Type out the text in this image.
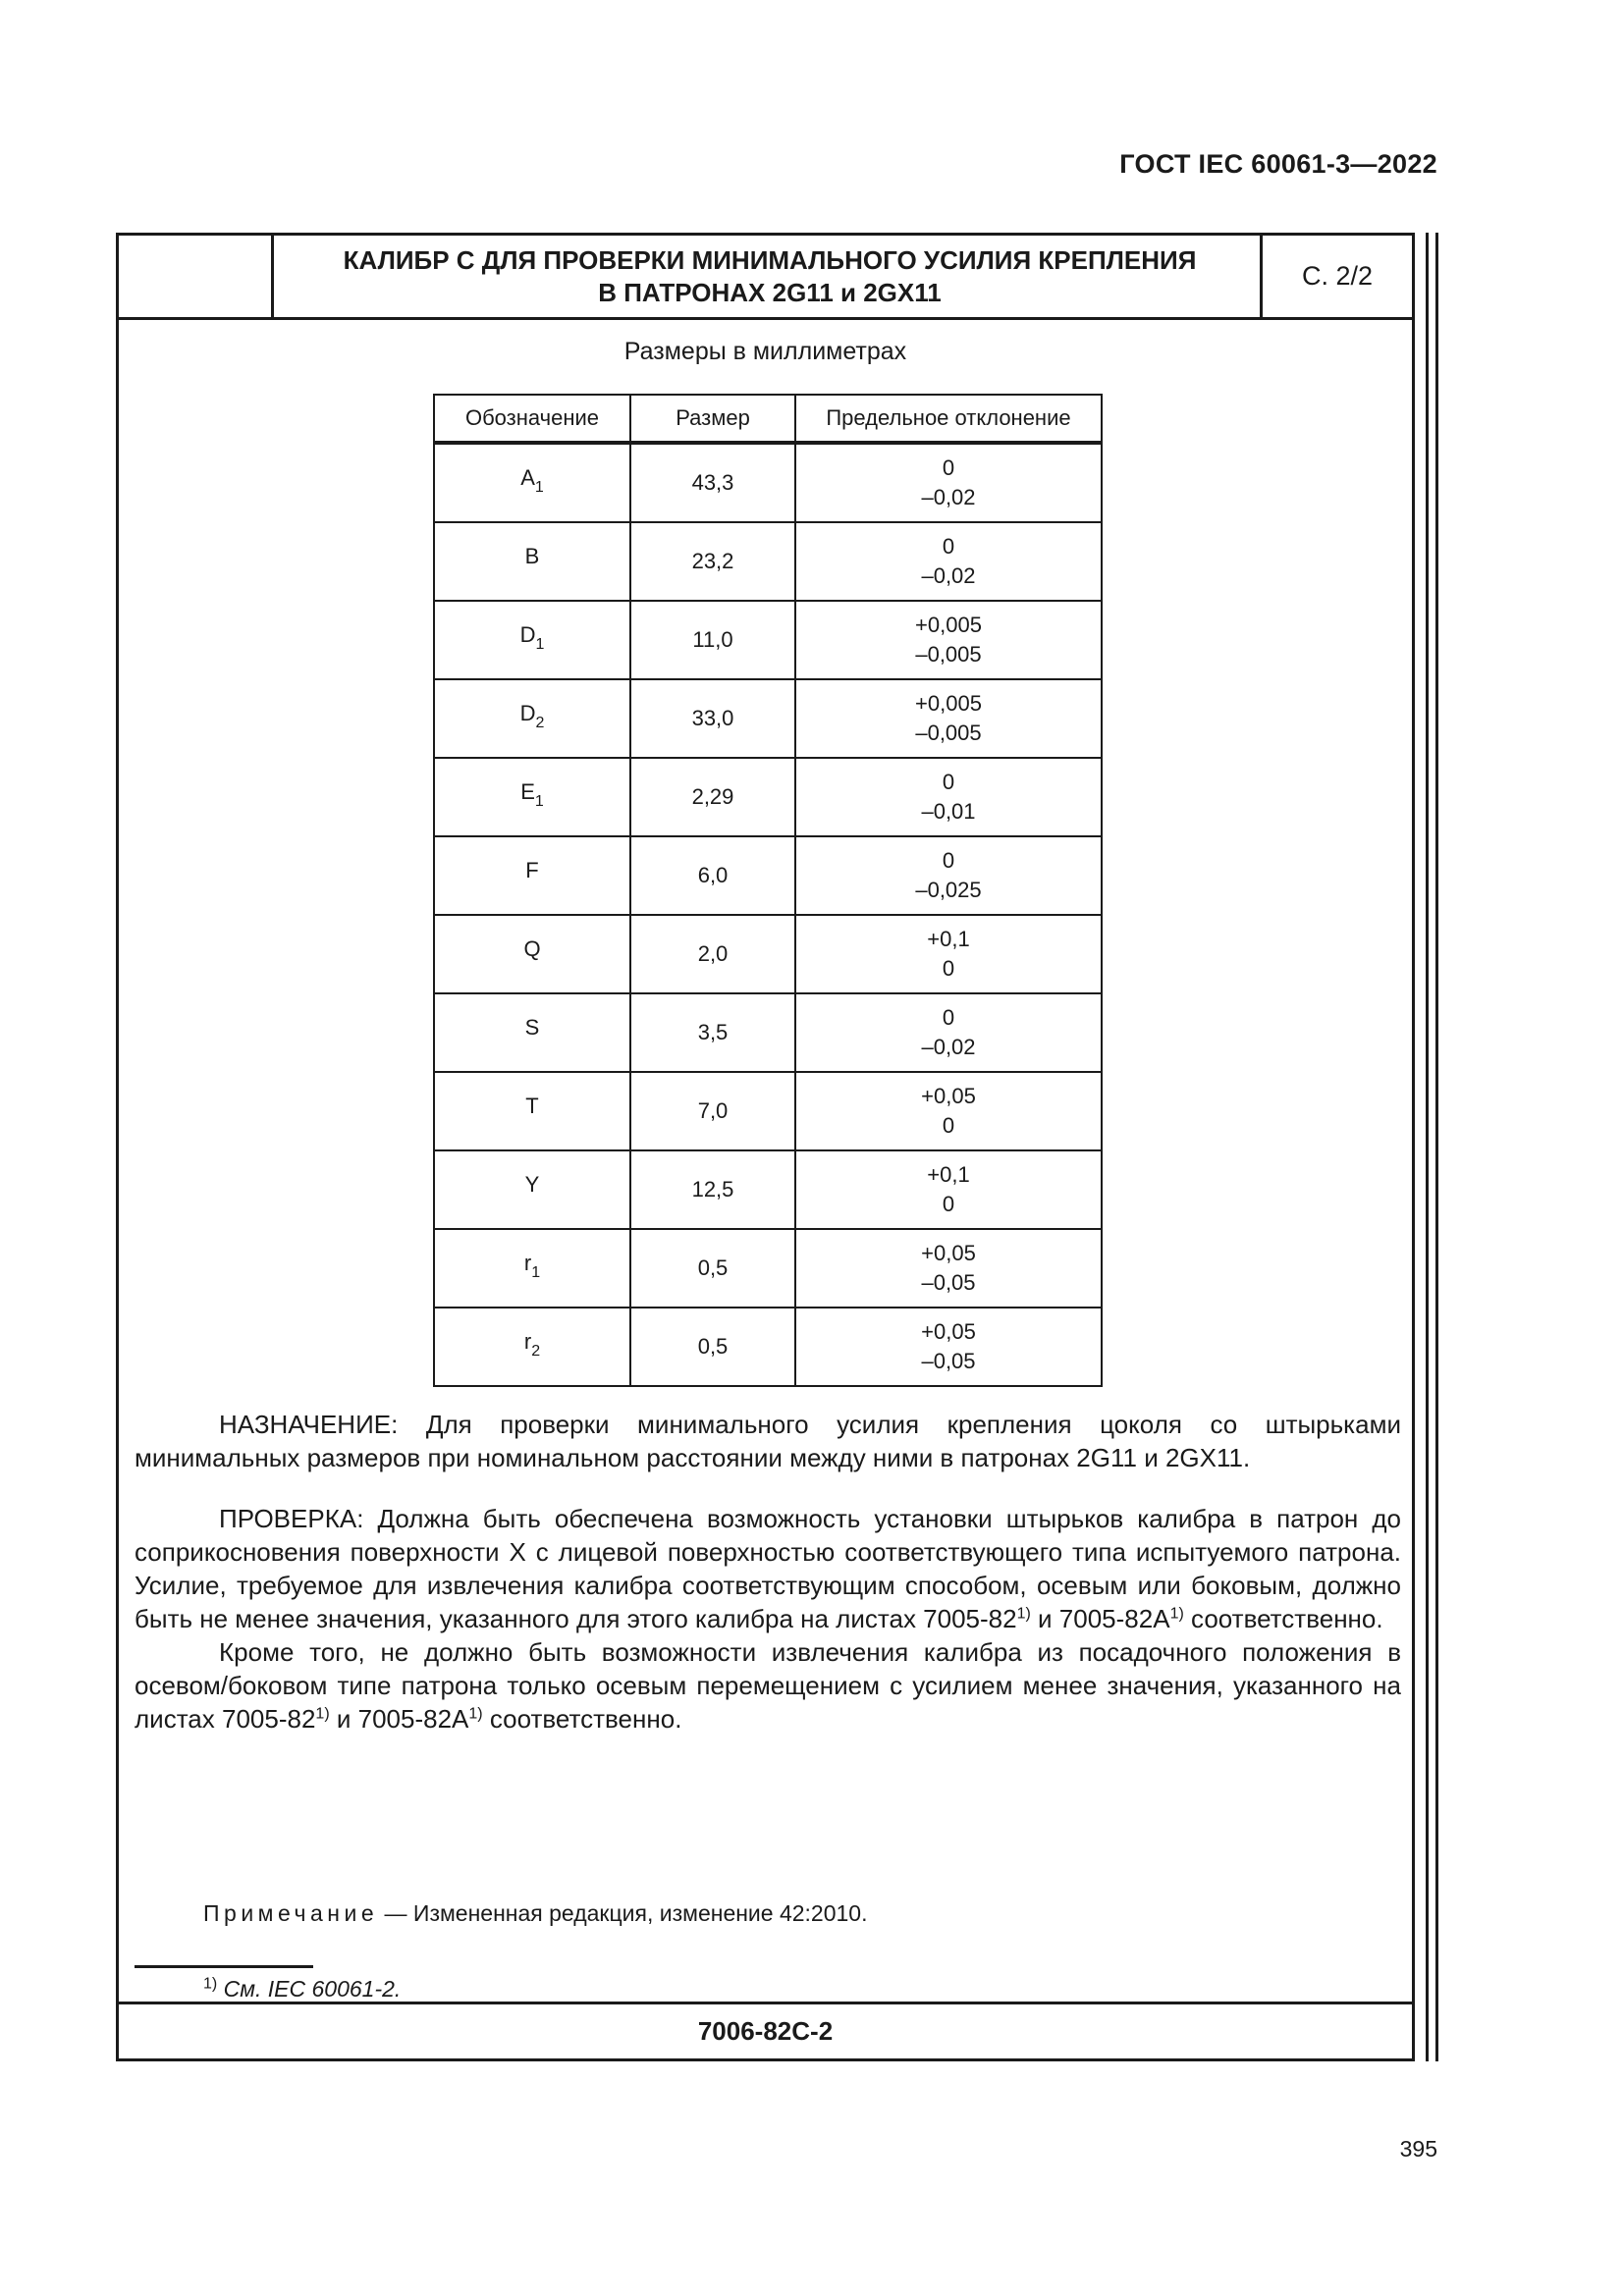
ГОСТ IEC 60061-3—2022
КАЛИБР С ДЛЯ ПРОВЕРКИ МИНИМАЛЬНОГО УСИЛИЯ КРЕПЛЕНИЯ
В ПАТРОНАХ 2G11 и 2GX11
С. 2/2
Размеры в миллиметрах
Обозначение	Размер	Предельное отклонение
$A_1$	43,3	0
–0,02

B	23,2	0
–0,02

$D_1$	11,0	+0,005
–0,005

$D_2$	33,0	+0,005
–0,005

$E_1$	2,29	0
–0,01

F	6,0	0
–0,025

Q	2,0	+0,1
0

S	3,5	0
–0,02

T	7,0	+0,05
0

Y	12,5	+0,1
0

$r_1$	0,5	+0,05
–0,05

$r_2$	0,5	+0,05
–0,05

НАЗНАЧЕНИЕ: Для проверки минимального усилия крепления цоколя со штырьками минимальных размеров при номинальном расстоянии между ними в патронах 2G11 и 2GX11.

ПРОВЕРКА: Должна быть обеспечена возможность установки штырьков калибра в патрон до соприкосновения поверхности X с лицевой поверхностью соответствующего типа испытуемого патрона. Усилие, требуемое для извлечения калибра соответствующим способом, осевым или боковым, должно быть не менее значения, указанного для этого калибра на листах 7005-82$^{1)}$ и $7005-82A^{1)}$ соответственно.

Кроме того, не должно быть возможности извлечения калибра из посадочного положения в осевом/боковом типе патрона только осевым перемещением с усилием менее значения, указанного на листах 7005-82$^{1)}$ и $7005-82A^{1)}$ соответственно.

Примечание — Измененная редакция, изменение 42:2010.
$^{1)}$ См. IEC 60061-2.
7006-82C-2
395
